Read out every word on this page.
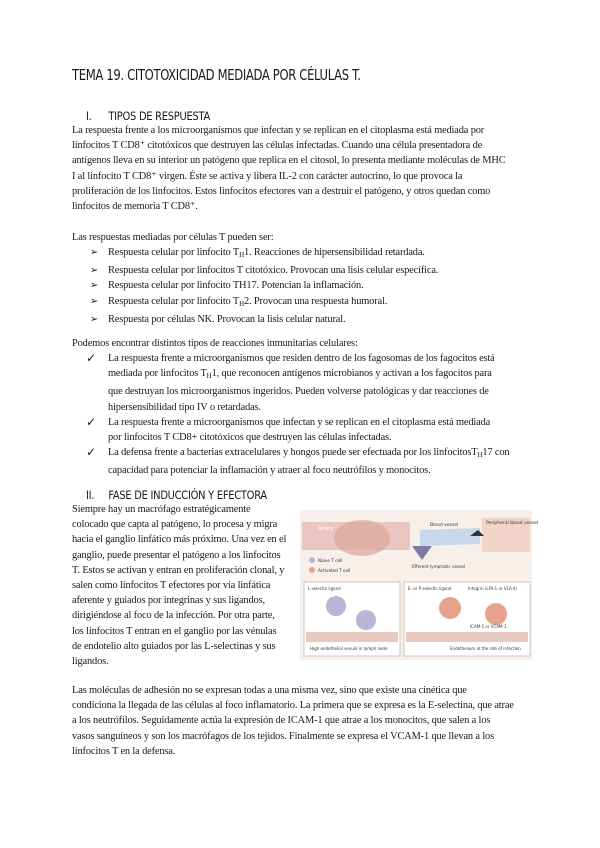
TEMA 19. CITOTOXICIDAD MEDIADA POR CÉLULAS T.
I. TIPOS DE RESPUESTA
La respuesta frente a los microorganismos que infectan y se replican en el citoplasma está mediada por
linfocitos T CD8⁺ citotóxicos que destruyen las células infectadas. Cuando una célula presentadora de
antígenos lleva en su interior un patógeno que replica en el citosol, lo presenta mediante moléculas de MHC
I al linfocito T CD8⁺ virgen. Éste se activa y libera IL-2 con carácter autocrino, lo que provoca la
proliferación de los linfocitos. Estos linfocitos efectores van a destruir el patógeno, y otros quedan como
linfocitos de memoria T CD8⁺.
Las respuestas mediadas por células T pueden ser:
➢ Respuesta celular por linfocito $T_H1$. Reacciones de hipersensibilidad retardada.
➢ Respuesta celular por linfocitos T citotóxico. Provocan una lisis celular específica.
➢ Respuesta celular por linfocito TH17. Potencian la inflamación.
➢ Respuesta celular por linfocito $T_H2$. Provocan una respuesta humoral.
➢ Respuesta por células NK. Provocan la lisis celular natural.
Podemos encontrar distintos tipos de reacciones inmunitarias celulares:
✓ La respuesta frente a microorganismos que residen dentro de los fagosomas de los fagocitos está
mediada por linfocitos $T_H1$, que reconocen antígenos microbianos y activan a los fagocitos para
que destruyan los microorganismos ingeridos. Pueden volverse patológicas y dar reacciones de
hipersensibilidad tipo IV o retardadas.
✓ La respuesta frente a microorganismos que infectan y se replican en el citoplasma está mediada
por linfocitos T CD8+ citotóxicos que destruyen las células infectadas.
✓ La defensa frente a bacterias extracelulares y hongos puede ser efectuada por los linfocitosT$_H$17 con
capacidad para potenciar la inflamación y atraer al foco neutrófilos y monocitos.
II. FASE DE INDUCCIÓN Y EFECTORA
Siempre hay un macrófago estratégicamente
colocado que capta al patógeno, lo procesa y migra
hacia el ganglio linfático más próximo. Una vez en el
ganglio, puede presentar el patógeno a los linfocitos
T. Estos se activan y entran en proliferación clonal, y
salen como linfocitos T efectores por vía linfática
aferente y guiados por integrinas y sus ligandos,
dirigiéndose al foco de la infección. Por otra parte,
los linfocitos T entran en el ganglio por las vénulas
de endotelio alto guiados por las L-selectinas y sus
ligandos.
Artery
Blood vessel	Peripheral blood vessel
Efferent lymphatic vessel
Naive T cell
Activated T cell
L-selectin ligand
High endothelial venule in lymph node
E- or P-selectin ligand	Integrin (LFA-1 or VLA-4)
ICAM-1 or VCAM-1
Endothelium at the site of infection
Las moléculas de adhesión no se expresan todas a una misma vez, sino que existe una cinética que
condiciona la llegada de las células al foco inflamatorio. La primera que se expresa es la E-selectina, que atrae
a los neutrófilos. Seguidamente actúa la expresión de ICAM-1 que atrae a los monocitos, que salen a los
vasos sanguíneos y son los macrófagos de los tejidos. Finalmente se expresa el VCAM-1 que llevan a los
linfocitos T en la defensa.
